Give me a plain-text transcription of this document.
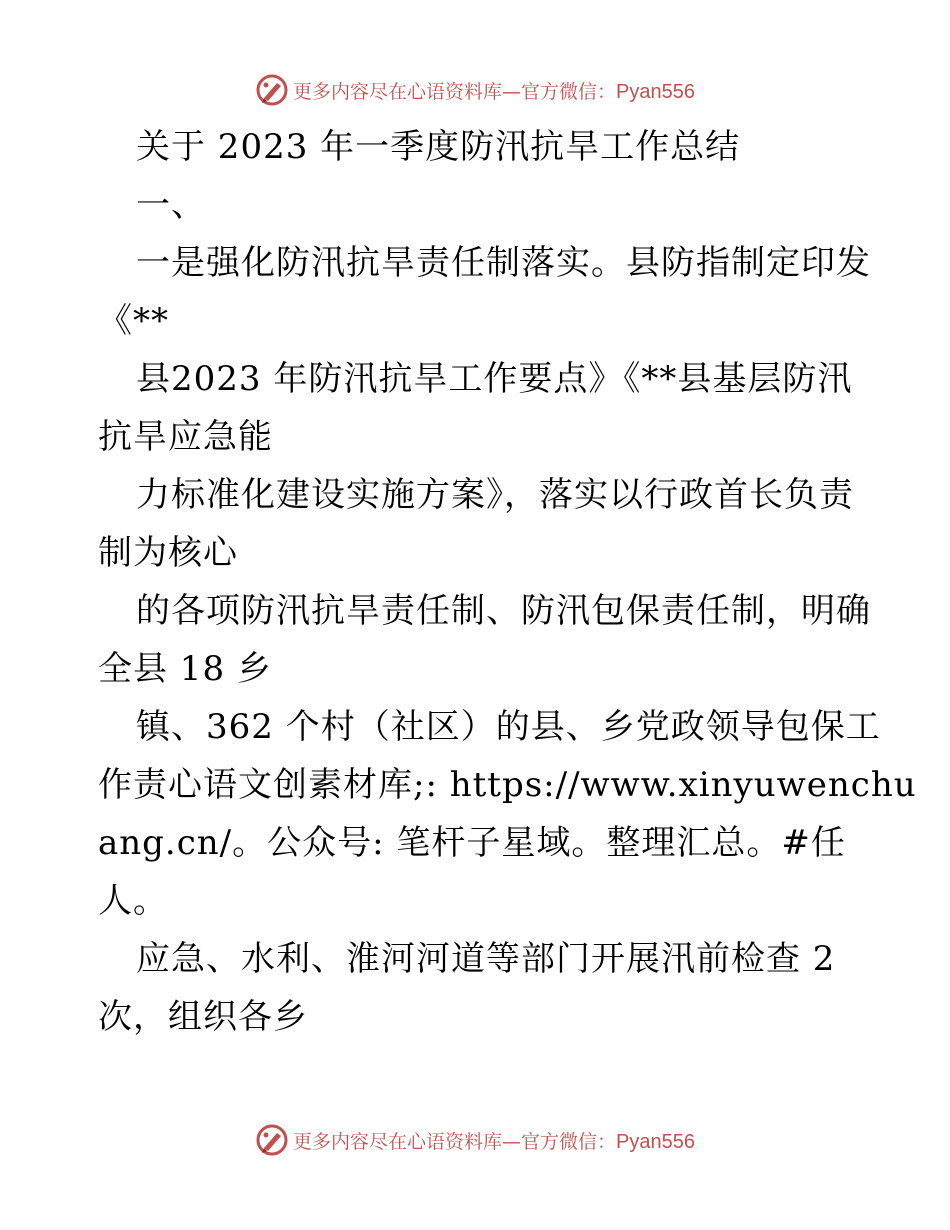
更多内容尽在心语资料库—官方微信：Pyan556
关于 2023 年一季度防汛抗旱工作总结
一、
一是强化防汛抗旱责任制落实。县防指制定印发
《**
县2023 年防汛抗旱工作要点》《**县基层防汛
抗旱应急能
力标准化建设实施方案》，落实以行政首长负责
制为核心
的各项防汛抗旱责任制、防汛包保责任制，明确
全县 18 乡
镇、362 个村（社区）的县、乡党政领导包保工
作责心语文创素材库;: https://www.xinyuwenchu
ang.cn/。公众号: 笔杆子星域。整理汇总。#任
人。
应急、水利、淮河河道等部门开展汛前检查 2
次，组织各乡
更多内容尽在心语资料库—官方微信：Pyan556
